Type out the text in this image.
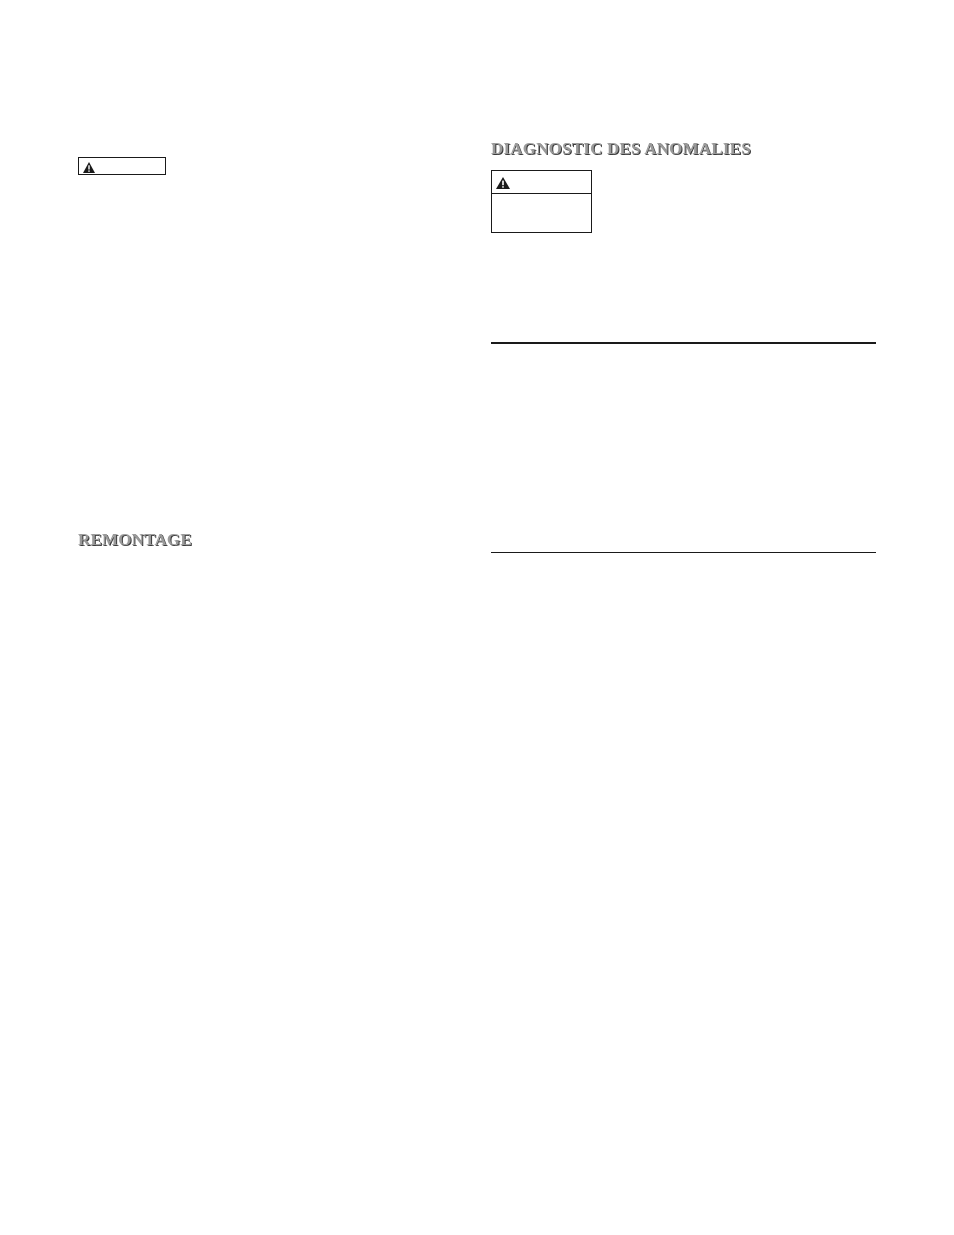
REMONTAGE
DIAGNOSTIC DES ANOMALIES
